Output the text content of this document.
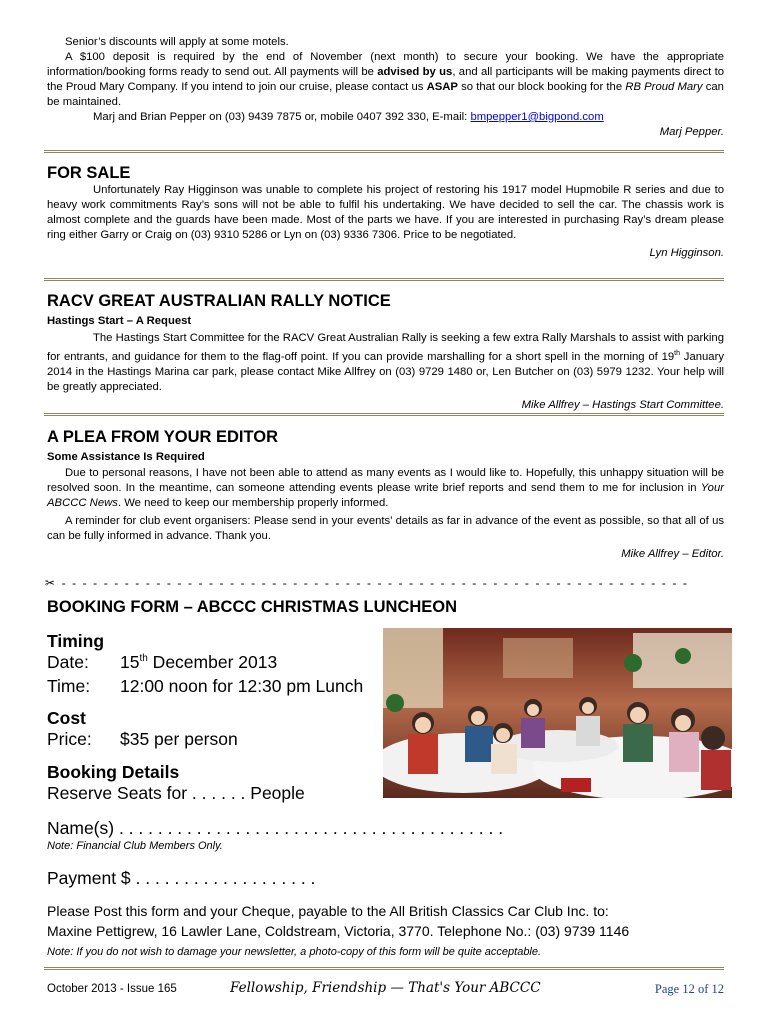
Senior’s discounts will apply at some motels.

A $100 deposit is required by the end of November (next month) to secure your booking. We have the appropriate information/booking forms ready to send out. All payments will be advised by us, and all participants will be making payments direct to the Proud Mary Company. If you intend to join our cruise, please contact us ASAP so that our block booking for the RB Proud Mary can be maintained.

Marj and Brian Pepper on (03) 9439 7875 or, mobile 0407 392 330, E-mail: bmpepper1@bigpond.com

Marj Pepper.

FOR SALE

Unfortunately Ray Higginson was unable to complete his project of restoring his 1917 model Hupmobile R series and due to heavy work commitments Ray’s sons will not be able to fulfil his undertaking. We have decided to sell the car. The chassis work is almost complete and the guards have been made. Most of the parts we have. If you are interested in purchasing Ray’s dream please ring either Garry or Craig on (03) 9310 5286 or Lyn on (03) 9336 7306. Price to be negotiated.

Lyn Higginson.

RACV GREAT AUSTRALIAN RALLY NOTICE
Hastings Start – A Request

The Hastings Start Committee for the RACV Great Australian Rally is seeking a few extra Rally Marshals to assist with parking for entrants, and guidance for them to the flag-off point. If you can provide marshalling for a short spell in the morning of 19th January 2014 in the Hastings Marina car park, please contact Mike Allfrey on (03) 9729 1480 or, Len Butcher on (03) 5979 1232. Your help will be greatly appreciated.

Mike Allfrey – Hastings Start Committee.

A PLEA FROM YOUR EDITOR
Some Assistance Is Required

Due to personal reasons, I have not been able to attend as many events as I would like to. Hopefully, this unhappy situation will be resolved soon. In the meantime, can someone attending events please write brief reports and send them to me for inclusion in Your ABCCC News. We need to keep our membership properly informed.

A reminder for club event organisers: Please send in your events’ details as far in advance of the event as possible, so that all of us can be fully informed in advance. Thank you.

Mike Allfrey – Editor.

✂ - - - - - - - - - - - - - - - - - - - - - - - - - - - - - - - - - - - - - - - - - - - - - - - - - - - - - - - - - - - -
BOOKING FORM – ABCCC CHRISTMAS LUNCHEON
Timing
Date: 15th December 2013
Time: 12:00 noon for 12:30 pm Lunch
Cost
Price: $35 per person
Booking Details
Reserve Seats for . . . . . . People
Name(s) . . . . . . . . . . . . . . . . . . . . . . . . . . . . . . . . . . . . . . . .
Note: Financial Club Members Only.
Payment $ . . . . . . . . . . . . . . . . . . .
Please Post this form and your Cheque, payable to the All British Classics Car Club Inc. to:
Maxine Pettigrew, 16 Lawler Lane, Coldstream, Victoria, 3770. Telephone No.: (03) 9739 1146
Note: If you do not wish to damage your newsletter, a photo-copy of this form will be quite acceptable.
October 2013 - Issue 165	Fellowship, Friendship — That's Your ABCCC	Page 12 of 12
